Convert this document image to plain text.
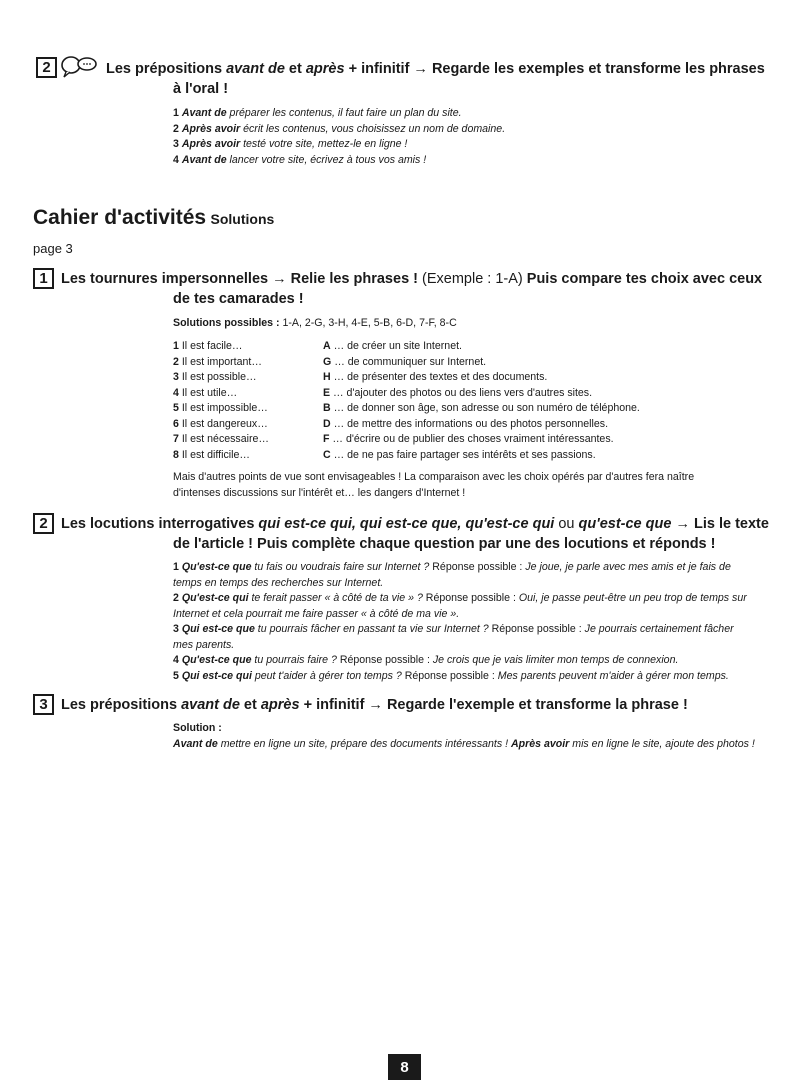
2	Les prépositions avant de et après + infinitif → Regarde les exemples et transforme les phrases
à l'oral !
1 Avant de préparer les contenus, il faut faire un plan du site.
2 Après avoir écrit les contenus, vous choisissez un nom de domaine.
3 Après avoir testé votre site, mettez-le en ligne !
4 Avant de lancer votre site, écrivez à tous vos amis !
Cahier d'activités Solutions
page 3
1 Les tournures impersonnelles → Relie les phrases ! (Exemple : 1-A) Puis compare tes choix avec ceux
de tes camarades !
Solutions possibles : 1-A, 2-G, 3-H, 4-E, 5-B, 6-D, 7-F, 8-C
1 Il est facile…
2 Il est important…
3 Il est possible…
4 Il est utile…
5 Il est impossible…
6 Il est dangereux…
7 Il est nécessaire…
8 Il est difficile…
A … de créer un site Internet.
G … de communiquer sur Internet.
H … de présenter des textes et des documents.
E … d'ajouter des photos ou des liens vers d'autres sites.
B … de donner son âge, son adresse ou son numéro de téléphone.
D … de mettre des informations ou des photos personnelles.
F … d'écrire ou de publier des choses vraiment intéressantes.
C … de ne pas faire partager ses intérêts et ses passions.
Mais d'autres points de vue sont envisageables ! La comparaison avec les choix opérés par d'autres fera naître
d'intenses discussions sur l'intérêt et… les dangers d'Internet !
2 Les locutions interrogatives qui est-ce qui, qui est-ce que, qu'est-ce qui ou qu'est-ce que → Lis le texte
de l'article ! Puis complète chaque question par une des locutions et réponds !
1 Qu'est-ce que tu fais ou voudrais faire sur Internet ? Réponse possible : Je joue, je parle avec mes amis et je fais de
temps en temps des recherches sur Internet.
2 Qu'est-ce qui te ferait passer « à côté de ta vie » ? Réponse possible : Oui, je passe peut-être un peu trop de temps sur
Internet et cela pourrait me faire passer « à côté de ma vie ».
3 Qui est-ce que tu pourrais fâcher en passant ta vie sur Internet ? Réponse possible : Je pourrais certainement fâcher
mes parents.
4 Qu'est-ce que tu pourrais faire ? Réponse possible : Je crois que je vais limiter mon temps de connexion.
5 Qui est-ce qui peut t'aider à gérer ton temps ? Réponse possible : Mes parents peuvent m'aider à gérer mon temps.
3 Les prépositions avant de et après + infinitif → Regarde l'exemple et transforme la phrase !
Solution :
Avant de mettre en ligne un site, prépare des documents intéressants ! Après avoir mis en ligne le site, ajoute des photos !
8
